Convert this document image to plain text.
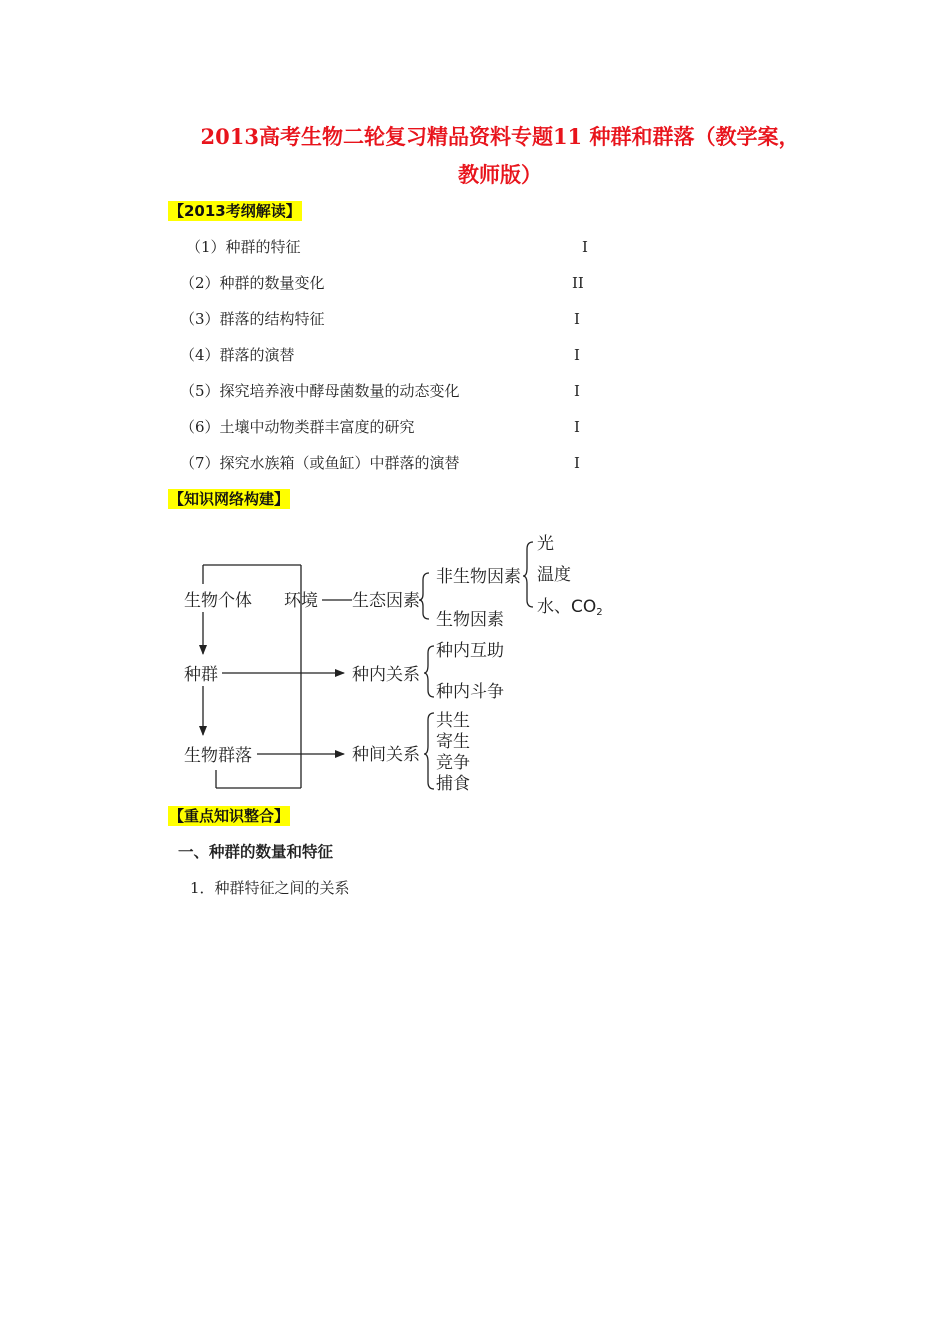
2013高考生物二轮复习精品资料专题11 种群和群落（教学案，
教师版）
【2013考纲解读】
（1）种群的特征	I
（2）种群的数量变化	II
（3）群落的结构特征	I
（4）群落的演替	I
（5）探究培养液中酵母菌数量的动态变化	I
（6）土壤中动物类群丰富度的研究	I
（7）探究水族箱（或鱼缸）中群落的演替	I
【知识网络构建】
生物个体 环境 生态因素
非生物因素
生物因素
光
温度
水、CO2
种群	种内关系
种内互助
种内斗争
生物群落	种间关系
共生
寄生
竞争
捕食
【重点知识整合】
一、种群的数量和特征
1．种群特征之间的关系
